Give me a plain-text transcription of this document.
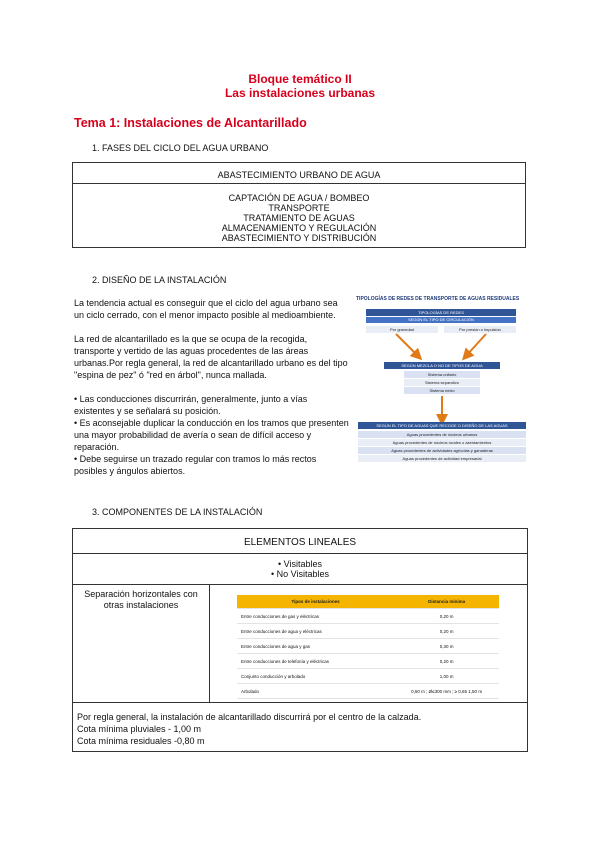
Bloque temático II
Las instalaciones urbanas
Tema 1: Instalaciones de Alcantarillado
1. FASES DEL CICLO DEL AGUA URBANO
ABASTECIMIENTO URBANO DE AGUA
CAPTACIÓN DE AGUA / BOMBEO
TRANSPORTE
TRATAMIENTO DE AGUAS
ALMACENAMIENTO Y REGULACIÓN
ABASTECIMIENTO Y DISTRIBUCIÓN
2. DISEÑO DE LA INSTALACIÓN
La tendencia actual es conseguir que el ciclo del agua urbano sea un ciclo cerrado, con el menor impacto posible al medioambiente.
La red de alcantarillado es la que se ocupa de la recogida, transporte y vertido de las aguas procedentes de las áreas urbanas.Por regla general, la red de alcantarillado urbano es del tipo "espina de pez" ó "red en árbol", nunca mallada.
• Las conducciones discurrirán, generalmente, junto a vías existentes y se señalará su posición.
• Es aconsejable duplicar la conducción en los tramos que presenten una mayor probabilidad de avería o sean de difícil acceso y reparación.
• Debe seguirse un trazado regular con tramos lo más rectos posibles y ángulos abiertos.
TIPOLOGÍAS DE REDES DE TRANSPORTE DE AGUAS RESIDUALES
TIPOLOGÍAS DE REDES
SEGÚN EL TIPO DE CIRCULACIÓN
Por gravedad	Por presión o impulsión
SEGÚN MEZCLA O NO DE TIPOS DE AGUA
Sistema unitario
Sistema separativo
Sistema mixto
SEGÚN EL TIPO DE AGUAS QUE RECOGE O DISEÑO DE LAS AGUAS
Aguas procedentes de núcleos urbanos
Aguas procedentes de núcleos rurales o asentamientos
Aguas procedentes de actividades agrícolas y ganaderas
Aguas procedentes de actividad empresarial
3. COMPONENTES DE LA INSTALACIÓN
ELEMENTOS LINEALES
• Visitables
• No Visitables
Separación horizontales con otras instalaciones	Tipos de instalaciones	Distancia mínima
Entre conducciones de gas y eléctricas	0,20 m
Entre conducciones de agua y eléctricas	0,20 m
Entre conducciones de agua y gas	0,30 m
Entre conducciones de telefonía y eléctricas	0,20 m
Conjunto conducción y arbolado	1,00 m
Arbolado	0,60 m ; Ø≤300 mm ; ≥ 0,65 1,50 m
Por regla general, la instalación de alcantarillado discurrirá por el centro de la calzada.
Cota mínima pluviales - 1,00 m
Cota mínima residuales -0,80 m
